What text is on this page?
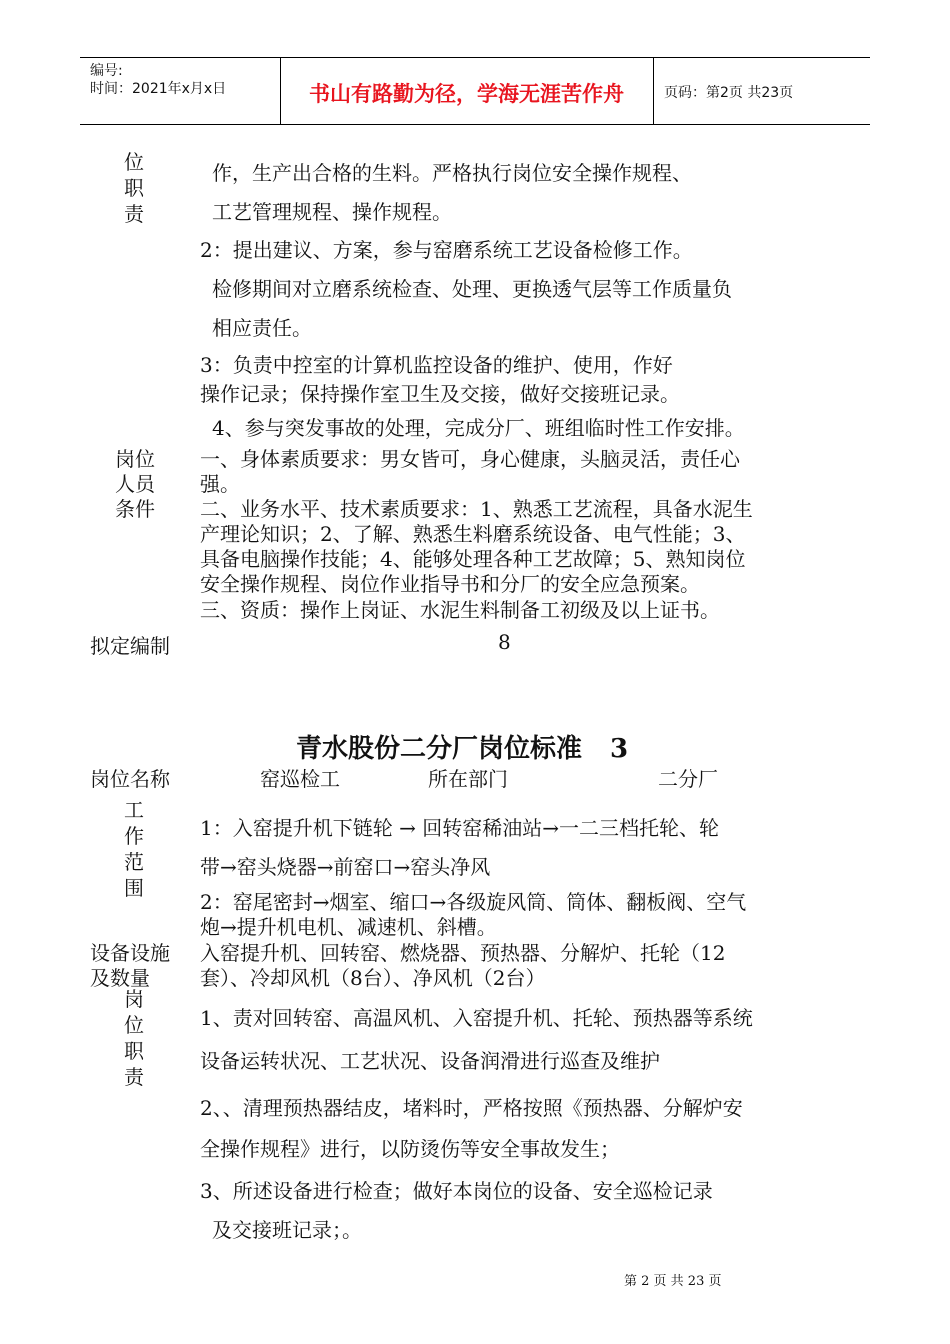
编号:
时间：2021年x月x日	书山有路勤为径，学海无涯苦作舟	页码：第2页 共23页
位
职
责
作，生产出合格的生料。严格执行岗位安全操作规程、
工艺管理规程、操作规程。
2：提出建议、方案，参与窑磨系统工艺设备检修工作。
检修期间对立磨系统检查、处理、更换透气层等工作质量负
相应责任。
3：负责中控室的计算机监控设备的维护、使用，作好
操作记录；保持操作室卫生及交接，做好交接班记录。
4、参与突发事故的处理，完成分厂、班组临时性工作安排。
岗位
人员
条件
一、身体素质要求：男女皆可，身心健康，头脑灵活，责任心
强。
二、业务水平、技术素质要求：1、熟悉工艺流程，具备水泥生
产理论知识；2、了解、熟悉生料磨系统设备、电气性能；3、
具备电脑操作技能；4、能够处理各种工艺故障；5、熟知岗位
安全操作规程、岗位作业指导书和分厂的安全应急预案。
三、资质：操作上岗证、水泥生料制备工初级及以上证书。
拟定编制	8
青水股份二分厂岗位标准 3
岗位名称	窑巡检工	所在部门	二分厂
工
作
范
围
1：入窑提升机下链轮 → 回转窑稀油站→一二三档托轮、轮
带→窑头烧器→前窑口→窑头净风
2：窑尾密封→烟室、缩口→各级旋风筒、筒体、翻板阀、空气
炮→提升机电机、减速机、斜槽。
设备设施
及数量
入窑提升机、回转窑、燃烧器、预热器、分解炉、托轮（12
套）、冷却风机（8台）、净风机（2台）
岗
位
职
责
1、责对回转窑、高温风机、入窑提升机、托轮、预热器等系统
设备运转状况、工艺状况、设备润滑进行巡查及维护
2、、清理预热器结皮，堵料时，严格按照《预热器、分解炉安
全操作规程》进行，以防烫伤等安全事故发生；
3、所述设备进行检查；做好本岗位的设备、安全巡检记录
及交接班记录；。
第 2 页 共 23 页
